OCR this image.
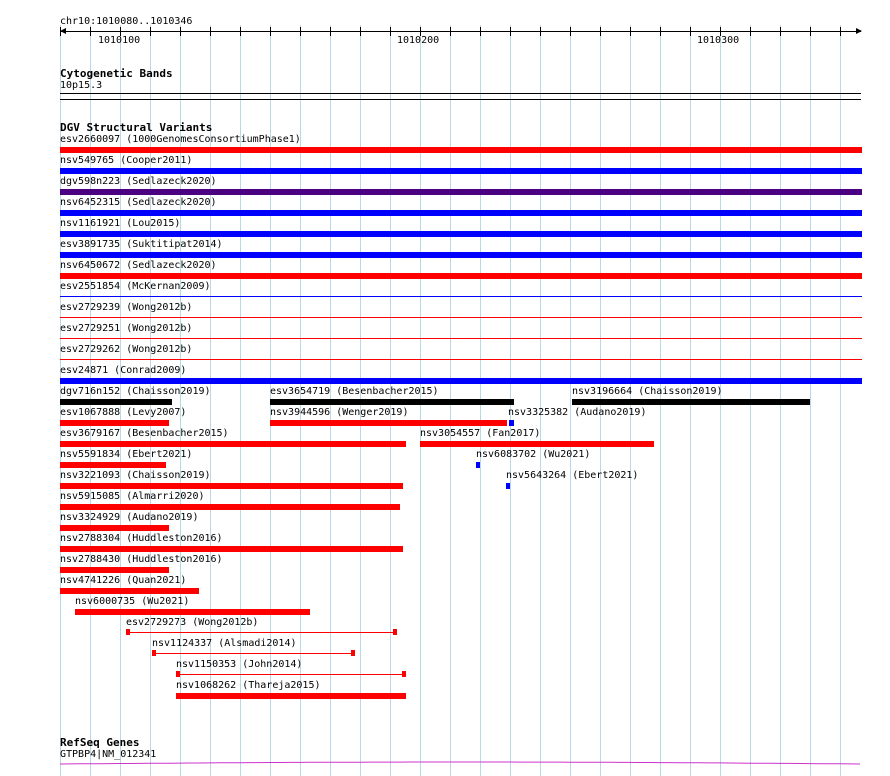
chr10:1010080..1010346
1010100	1010200	1010300
Cytogenetic Bands
10p15.3
DGV Structural Variants
esv2660097 (1000GenomesConsortiumPhase1)
nsv549765 (Cooper2011)
dgv598n223 (Sedlazeck2020)
nsv6452315 (Sedlazeck2020)
nsv1161921 (Lou2015)
esv3891735 (Suktitipat2014)
nsv6450672 (Sedlazeck2020)
esv2551854 (McKernan2009)
esv2729239 (Wong2012b)
esv2729251 (Wong2012b)
esv2729262 (Wong2012b)
esv24871 (Conrad2009)
dgv716n152 (Chaisson2019)	esv3654719 (Besenbacher2015)	nsv3196664 (Chaisson2019)
esv1067888 (Levy2007)	nsv3944596 (Wenger2019)	nsv3325382 (Audano2019)
esv3679167 (Besenbacher2015)	nsv3054557 (Fan2017)
nsv5591834 (Ebert2021)	nsv6083702 (Wu2021)
nsv3221093 (Chaisson2019)	nsv5643264 (Ebert2021)
nsv5915085 (Almarri2020)
nsv3324929 (Audano2019)
nsv2788304 (Huddleston2016)
nsv2788430 (Huddleston2016)
nsv4741226 (Quan2021)
nsv6000735 (Wu2021)
esv2729273 (Wong2012b)
nsv1124337 (Alsmadi2014)
nsv1150353 (John2014)
nsv1068262 (Thareja2015)
RefSeq Genes
GTPBP4|NM_012341
